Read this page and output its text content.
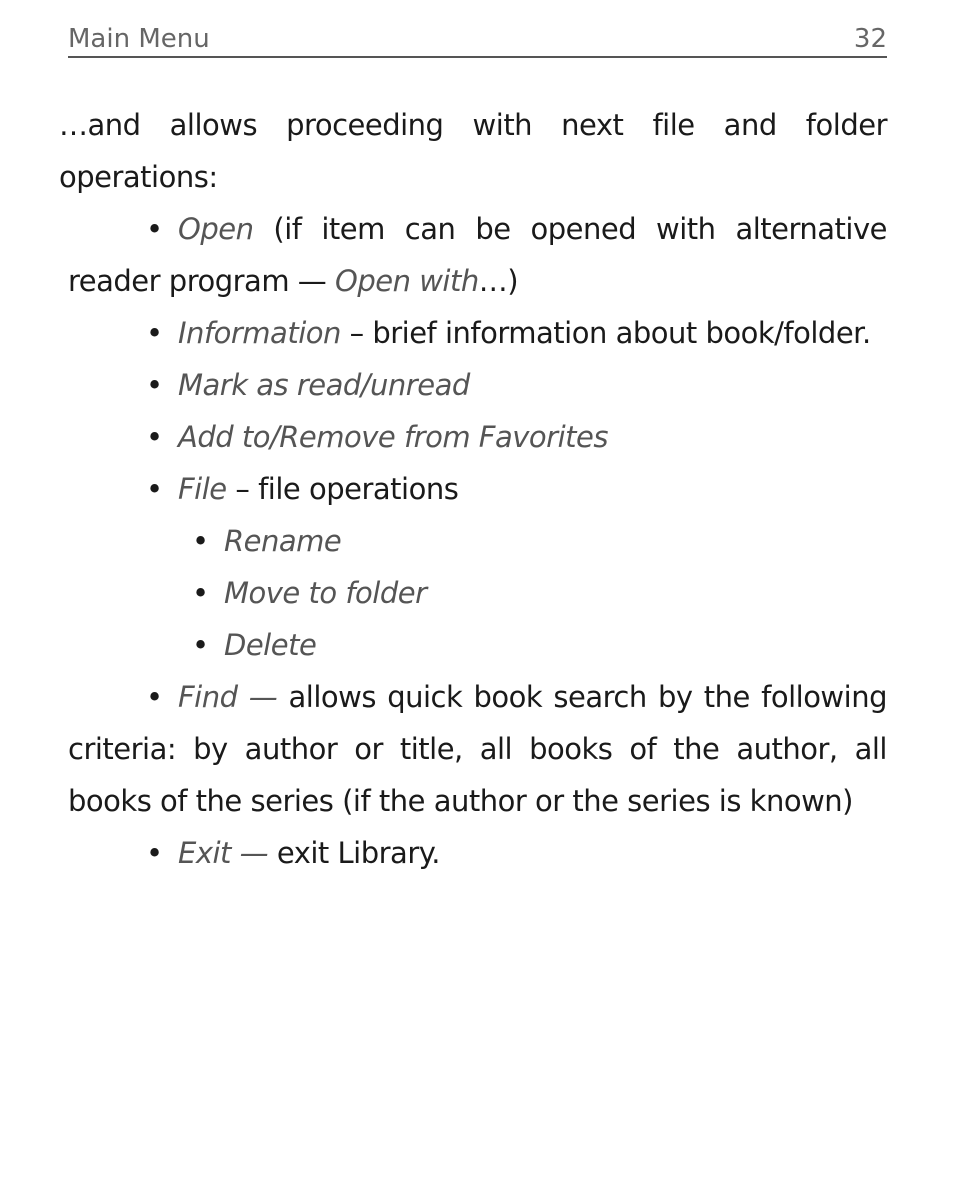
Main Menu	32

…and allows proceeding with next file and folder operations:

• Open (if item can be opened with alternative reader program — Open with…)

• Information – brief information about book/folder.

• Mark as read/unread

• Add to/Remove from Favorites

• File – file operations

• Rename

• Move to folder

• Delete

• Find — allows quick book search by the following criteria: by author or title, all books of the author, all books of the series (if the author or the series is known)

• Exit — exit Library.
